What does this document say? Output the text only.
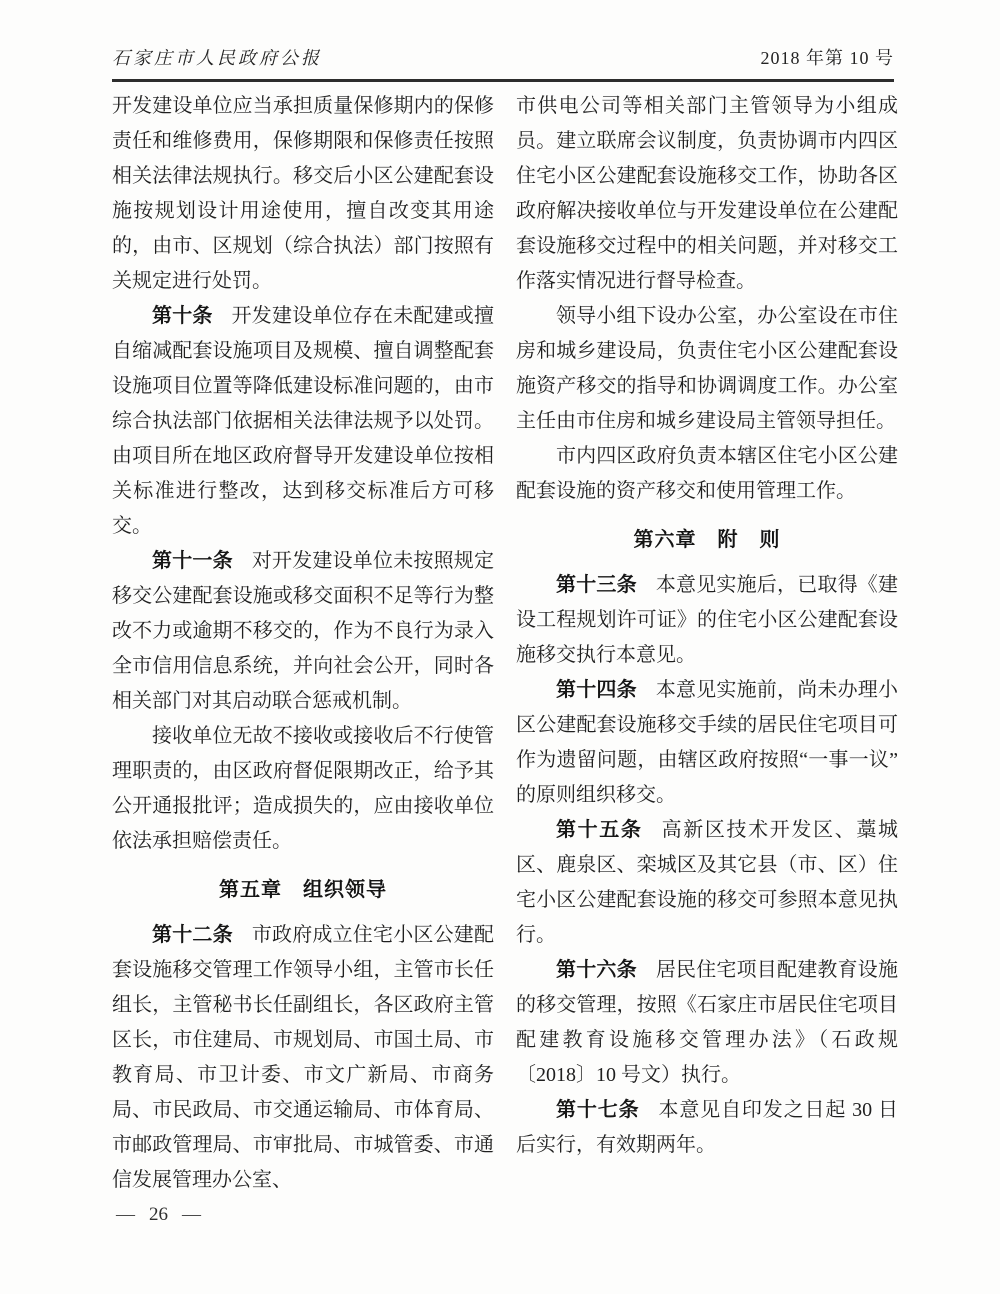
石家庄市人民政府公报	2018 年第 10 号

开发建设单位应当承担质量保修期内的保修责任和维修费用，保修期限和保修责任按照相关法律法规执行。移交后小区公建配套设施按规划设计用途使用，擅自改变其用途的，由市、区规划（综合执法）部门按照有关规定进行处罚。

第十条 开发建设单位存在未配建或擅自缩减配套设施项目及规模、擅自调整配套设施项目位置等降低建设标准问题的，由市综合执法部门依据相关法律法规予以处罚。由项目所在地区政府督导开发建设单位按相关标准进行整改，达到移交标准后方可移交。

第十一条 对开发建设单位未按照规定移交公建配套设施或移交面积不足等行为整改不力或逾期不移交的，作为不良行为录入全市信用信息系统，并向社会公开，同时各相关部门对其启动联合惩戒机制。

接收单位无故不接收或接收后不行使管理职责的，由区政府督促限期改正，给予其公开通报批评；造成损失的，应由接收单位依法承担赔偿责任。

第五章　组织领导

第十二条 市政府成立住宅小区公建配套设施移交管理工作领导小组，主管市长任组长，主管秘书长任副组长，各区政府主管区长，市住建局、市规划局、市国土局、市教育局、市卫计委、市文广新局、市商务局、市民政局、市交通运输局、市体育局、市邮政管理局、市审批局、市城管委、市通信发展管理办公室、

市供电公司等相关部门主管领导为小组成员。建立联席会议制度，负责协调市内四区住宅小区公建配套设施移交工作，协助各区政府解决接收单位与开发建设单位在公建配套设施移交过程中的相关问题，并对移交工作落实情况进行督导检查。

领导小组下设办公室，办公室设在市住房和城乡建设局，负责住宅小区公建配套设施资产移交的指导和协调调度工作。办公室主任由市住房和城乡建设局主管领导担任。

市内四区政府负责本辖区住宅小区公建配套设施的资产移交和使用管理工作。

第六章　附　则

第十三条 本意见实施后，已取得《建设工程规划许可证》的住宅小区公建配套设施移交执行本意见。

第十四条 本意见实施前，尚未办理小区公建配套设施移交手续的居民住宅项目可作为遗留问题，由辖区政府按照“一事一议”的原则组织移交。

第十五条 高新区技术开发区、藁城区、鹿泉区、栾城区及其它县（市、区）住宅小区公建配套设施的移交可参照本意见执行。

第十六条 居民住宅项目配建教育设施的移交管理，按照《石家庄市居民住宅项目配建教育设施移交管理办法》（石政规〔2018〕10 号文）执行。

第十七条 本意见自印发之日起 30 日后实行，有效期两年。

— 26 —
